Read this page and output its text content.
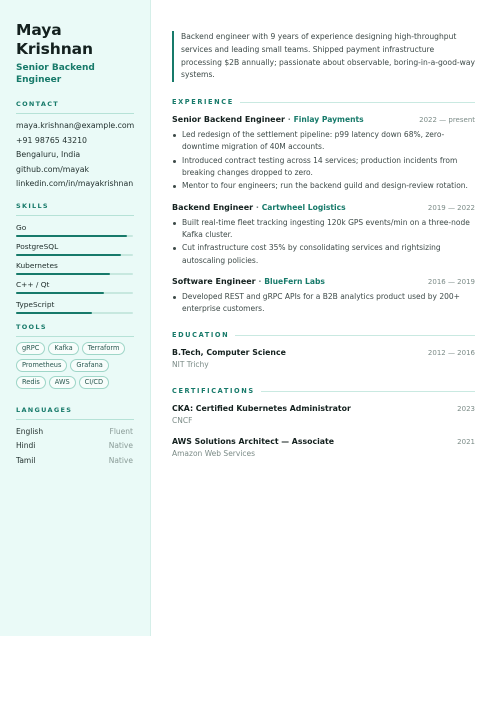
Maya Krishnan
Senior Backend Engineer
CONTACT
maya.krishnan@example.com
+91 98765 43210
Bengaluru, India
github.com/mayak
linkedin.com/in/mayakrishnan
SKILLS
Go
PostgreSQL
Kubernetes
C++ / Qt
TypeScript
TOOLS
gRPC	Kafka	Terraform
Prometheus	Grafana
Redis	AWS	CI/CD
LANGUAGES
English	Fluent
Hindi	Native
Tamil	Native

Backend engineer with 9 years of experience designing high-throughput services and leading small teams. Shipped payment infrastructure processing $2B annually; passionate about observable, boring-in-a-good-way systems.

EXPERIENCE
Senior Backend Engineer · Finlay Payments	2022 — present
Led redesign of the settlement pipeline: p99 latency down 68%, zero-downtime migration of 40M accounts.
Introduced contract testing across 14 services; production incidents from breaking changes dropped to zero.
Mentor to four engineers; run the backend guild and design-review rotation.
Backend Engineer · Cartwheel Logistics	2019 — 2022
Built real-time fleet tracking ingesting 120k GPS events/min on a three-node Kafka cluster.
Cut infrastructure cost 35% by consolidating services and rightsizing autoscaling policies.
Software Engineer · BlueFern Labs	2016 — 2019
Developed REST and gRPC APIs for a B2B analytics product used by 200+ enterprise customers.
EDUCATION
B.Tech, Computer Science	2012 — 2016
NIT Trichy
CERTIFICATIONS
CKA: Certified Kubernetes Administrator	2023
CNCF
AWS Solutions Architect — Associate	2021
Amazon Web Services
